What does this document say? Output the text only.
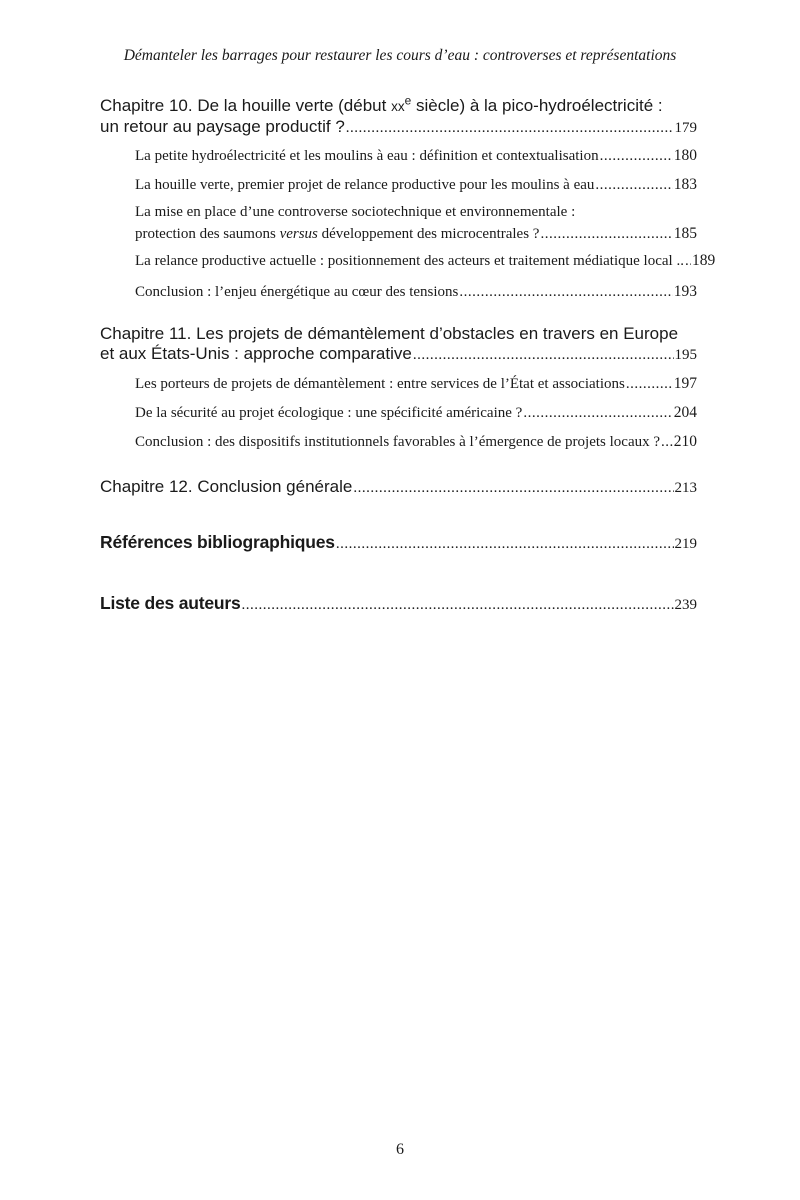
Démanteler les barrages pour restaurer les cours d’eau : controverses et représentations
Chapitre 10. De la houille verte (début $xx^e$ siècle) à la pico-hydroélectricité :
un retour au paysage productif ? .....	179
La petite hydroélectricité et les moulins à eau : définition et contextualisation .....	180
La houille verte, premier projet de relance productive pour les moulins à eau .....	183
La mise en place d’une controverse sociotechnique et environnementale :
protection des saumons versus développement des microcentrales ? .....	185
La relance productive actuelle : positionnement des acteurs et traitement médiatique local .. ..... 189
Conclusion : l’enjeu énergétique au cœur des tensions .....	193
Chapitre 11. Les projets de démantèlement d’obstacles en travers en Europe
et aux États-Unis : approche comparative .....	195
Les porteurs de projets de démantèlement : entre services de l’État et associations .....	197
De la sécurité au projet écologique : une spécificité américaine ? .....	204
Conclusion : des dispositifs institutionnels favorables à l’émergence de projets locaux ? ..... 210
Chapitre 12. Conclusion générale .....	213
Références bibliographiques .....	219
Liste des auteurs .....	239
6
